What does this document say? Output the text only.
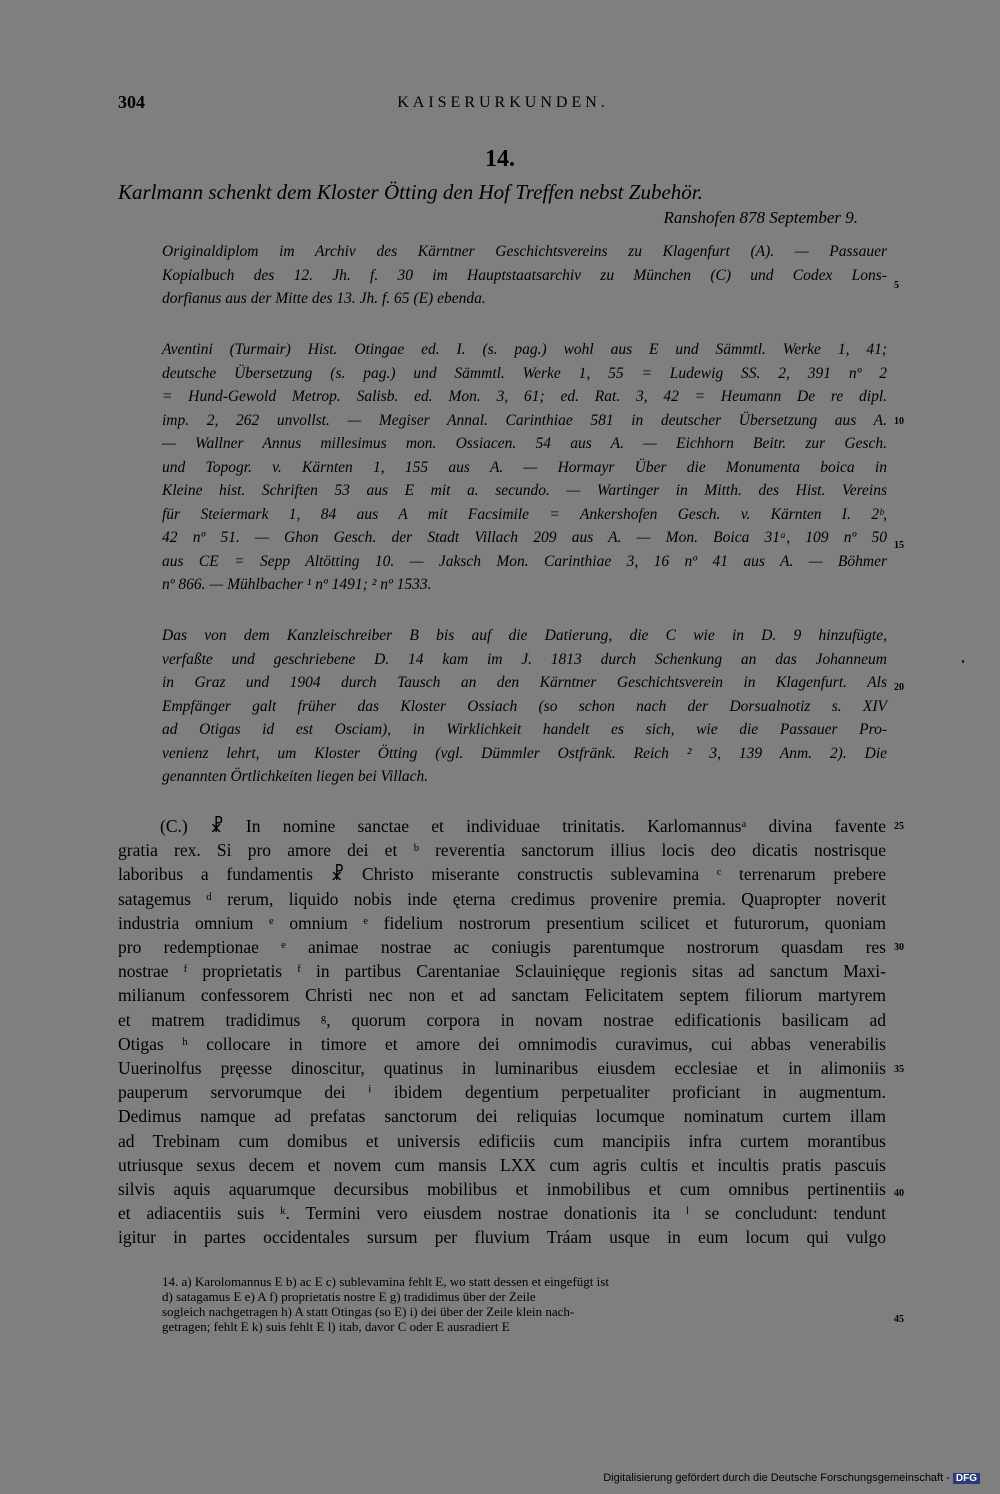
304	KAISERURKUNDEN.
14.
Karlmann schenkt dem Kloster Ötting den Hof Treffen nebst Zubehör.
Ranshofen 878 September 9.
Originaldiplom im Archiv des Kärntner Geschichtsvereins zu Klagenfurt (A). — Passauer
Kopialbuch des 12. Jh. f. 30 im Hauptstaatsarchiv zu München (C) und Codex Lons-
dorfianus aus der Mitte des 13. Jh. f. 65 (E) ebenda.
Aventini (Turmair) Hist. Otingae ed. I. (s. pag.) wohl aus E und Sämmtl. Werke 1, 41;
deutsche Übersetzung (s. pag.) und Sämmtl. Werke 1, 55 = Ludewig SS. 2, 391 nº 2
= Hund-Gewold Metrop. Salisb. ed. Mon. 3, 61; ed. Rat. 3, 42 = Heumann De re dipl.
imp. 2, 262 unvollst. — Megiser Annal. Carinthiae 581 in deutscher Übersetzung aus A.
— Wallner Annus millesimus mon. Ossiacen. 54 aus A. — Eichhorn Beitr. zur Gesch.
und Topogr. v. Kärnten 1, 155 aus A. — Hormayr Über die Monumenta boica in
Kleine hist. Schriften 53 aus E mit a. secundo. — Wartinger in Mitth. des Hist. Vereins
für Steiermark 1, 84 aus A mit Facsimile = Ankershofen Gesch. v. Kärnten I. 2ᵇ,
42 nº 51. — Ghon Gesch. der Stadt Villach 209 aus A. — Mon. Boica 31ᵃ, 109 nº 50
aus CE = Sepp Altötting 10. — Jaksch Mon. Carinthiae 3, 16 nº 41 aus A. — Böhmer
nº 866. — Mühlbacher ¹ nº 1491; ² nº 1533.
Das von dem Kanzleischreiber B bis auf die Datierung, die C wie in D. 9 hinzufügte,
verfaßte und geschriebene D. 14 kam im J. 1813 durch Schenkung an das Johanneum
in Graz und 1904 durch Tausch an den Kärntner Geschichtsverein in Klagenfurt. Als
Empfänger galt früher das Kloster Ossiach (so schon nach der Dorsualnotiz s. XIV
ad Otigas id est Osciam), in Wirklichkeit handelt es sich, wie die Passauer Pro-
venienz lehrt, um Kloster Ötting (vgl. Dümmler Ostfränk. Reich ² 3, 139 Anm. 2). Die
genannten Örtlichkeiten liegen bei Villach.
(C.) ☧ In nomine sanctae et individuae trinitatis. Karlomannusᵃ divina favente
gratia rex. Si pro amore dei et ᵇ reverentia sanctorum illius locis deo dicatis nostrisque
laboribus a fundamentis ☧ Christo miserante constructis sublevamina ᶜ terrenarum prebere
satagemus ᵈ rerum, liquido nobis inde ęterna credimus provenire premia. Quapropter noverit
industria omnium ᵉ omnium ᵉ fidelium nostrorum presentium scilicet et futurorum, quoniam
pro redemptionae ᵉ animae nostrae ac coniugis parentumque nostrorum quasdam res
nostrae ᶠ proprietatis ᶠ in partibus Carentaniae Sclauinięque regionis sitas ad sanctum Maxi-
milianum confessorem Christi nec non et ad sanctam Felicitatem septem filiorum martyrem
et matrem tradidimus ᵍ, quorum corpora in novam nostrae edificationis basilicam ad
Otigas ʰ collocare in timore et amore dei omnimodis curavimus, cui abbas venerabilis
Uuerinolfus pręesse dinoscitur, quatinus in luminaribus eiusdem ecclesiae et in alimoniis
pauperum servorumque dei ⁱ ibidem degentium perpetualiter proficiant in augmentum.
Dedimus namque ad prefatas sanctorum dei reliquias locumque nominatum curtem illam
ad Trebinam cum domibus et universis edificiis cum mancipiis infra curtem morantibus
utriusque sexus decem et novem cum mansis LXX cum agris cultis et incultis pratis pascuis
silvis aquis aquarumque decursibus mobilibus et inmobilibus et cum omnibus pertinentiis
et adiacentiis suis ᵏ. Termini vero eiusdem nostrae donationis ita ˡ se concludunt: tendunt
igitur in partes occidentales sursum per fluvium Tráam usque in eum locum qui vulgo
14. a) Karolomannus E b) ac E c) sublevamina fehlt E, wo statt dessen et eingefügt ist
d) satagamus E e) A f) proprietatis nostre E g) tradidimus über der Zeile
sogleich nachgetragen h) A statt Otingas (so E) i) dei über der Zeile klein nach-
getragen; fehlt E k) suis fehlt E l) itab, davor C oder E ausradiert E
5
10
15
20
25
30
35
40
45
Digitalisierung gefördert durch die Deutsche Forschungsgemeinschaft - DFG
